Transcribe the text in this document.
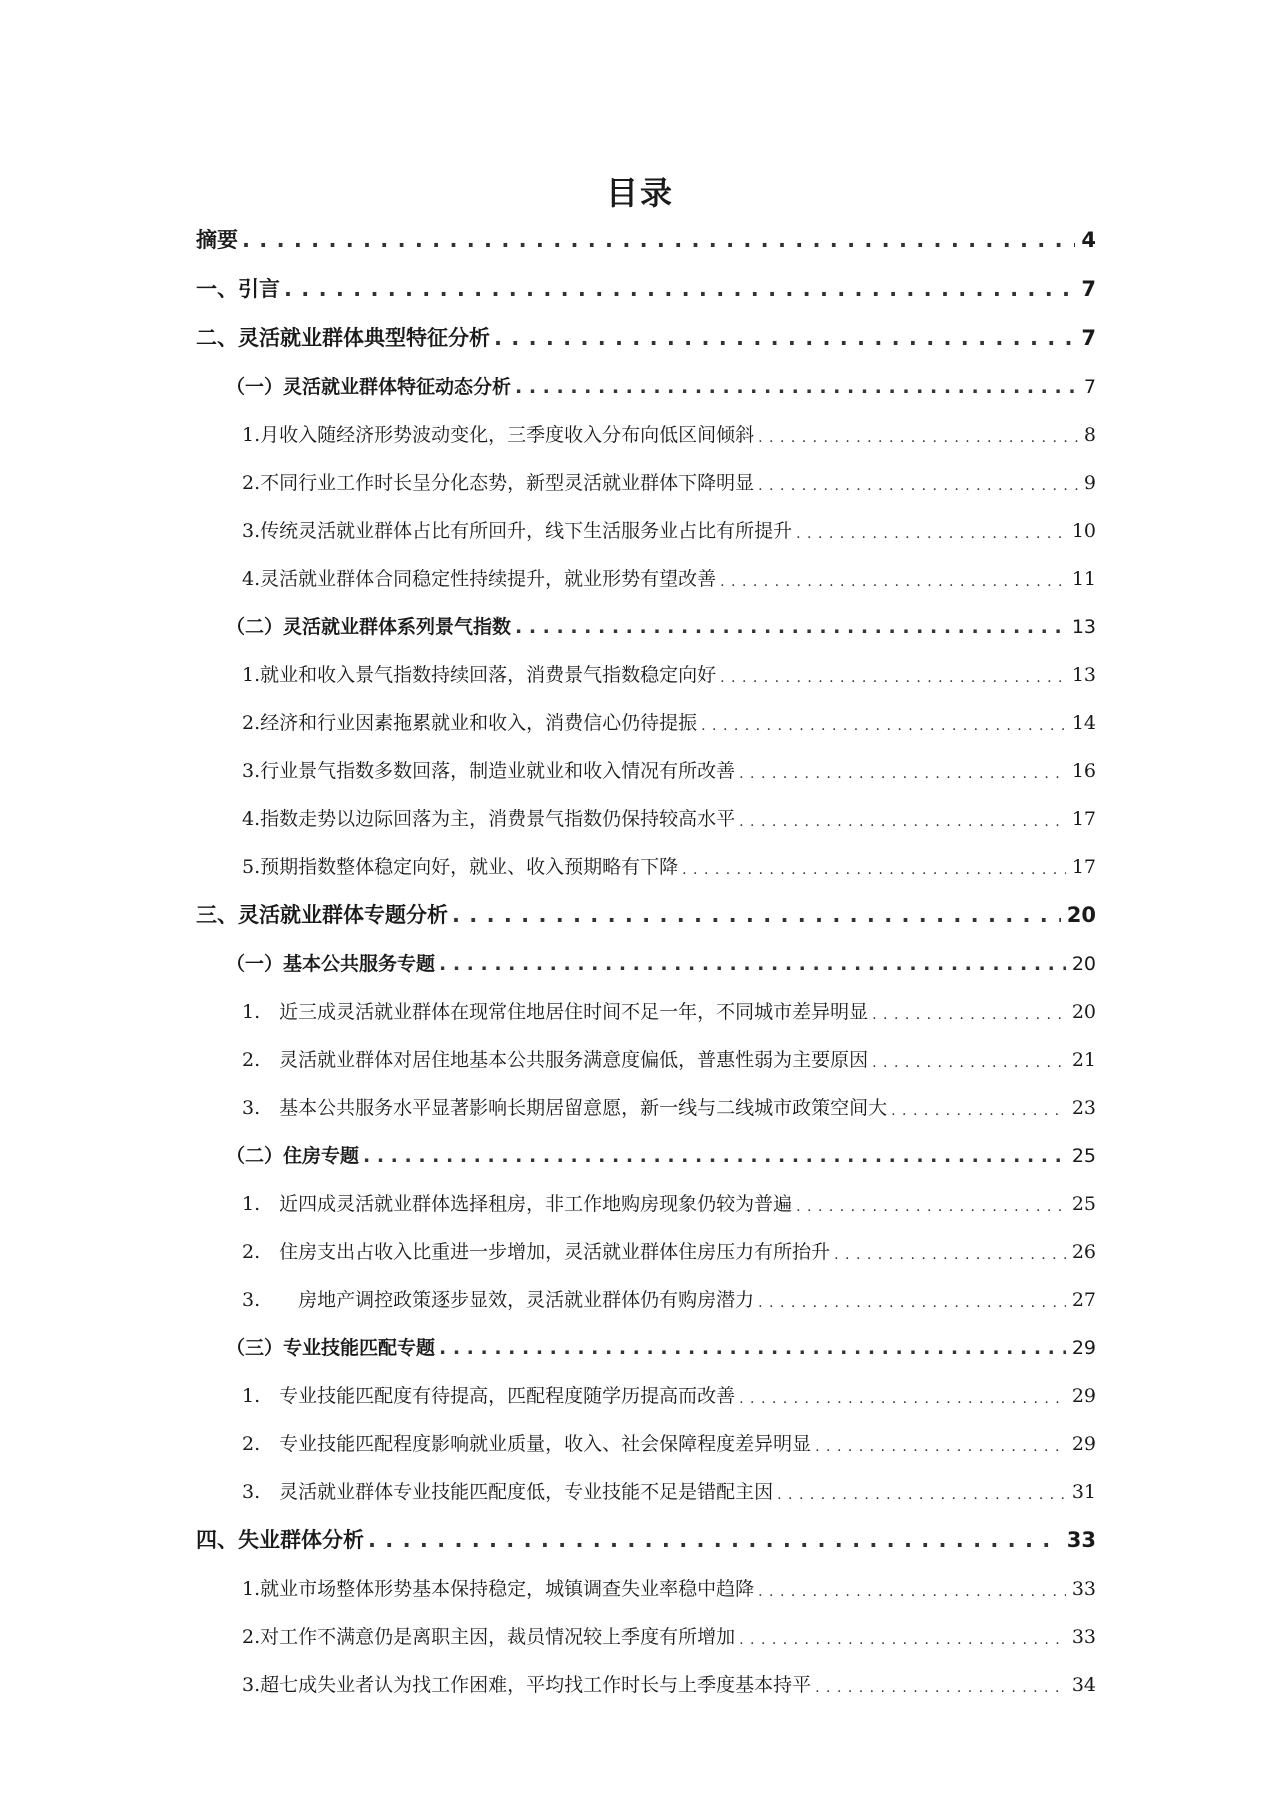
目录
摘要 . . .	4
一、引言 . . .	7
二、灵活就业群体典型特征分析 . . .	7
（一）灵活就业群体特征动态分析 . . .	7
1.月收入随经济形势波动变化，三季度收入分布向低区间倾斜 . . .	8
2.不同行业工作时长呈分化态势，新型灵活就业群体下降明显 . . .	9
3.传统灵活就业群体占比有所回升，线下生活服务业占比有所提升 . . .	10
4.灵活就业群体合同稳定性持续提升，就业形势有望改善 . . .	11
（二）灵活就业群体系列景气指数 . . .	13
1.就业和收入景气指数持续回落，消费景气指数稳定向好 . . .	13
2.经济和行业因素拖累就业和收入，消费信心仍待提振 . . .	14
3.行业景气指数多数回落，制造业就业和收入情况有所改善 . . .	16
4.指数走势以边际回落为主，消费景气指数仍保持较高水平 . . .	17
5.预期指数整体稳定向好，就业、收入预期略有下降 . . .	17
三、灵活就业群体专题分析 . . .	20
（一）基本公共服务专题 . . .	20
1.　近三成灵活就业群体在现常住地居住时间不足一年，不同城市差异明显 . . .	20
2.　灵活就业群体对居住地基本公共服务满意度偏低，普惠性弱为主要原因 . . .	21
3.　基本公共服务水平显著影响长期居留意愿，新一线与二线城市政策空间大 . . .	23
（二）住房专题 . . .	25
1.　近四成灵活就业群体选择租房，非工作地购房现象仍较为普遍 . . .	25
2.　住房支出占收入比重进一步增加，灵活就业群体住房压力有所抬升 . . .	26
3.　　房地产调控政策逐步显效，灵活就业群体仍有购房潜力 . . .	27
（三）专业技能匹配专题 . . .	29
1.　专业技能匹配度有待提高，匹配程度随学历提高而改善 . . .	29
2.　专业技能匹配程度影响就业质量，收入、社会保障程度差异明显 . . .	29
3.　灵活就业群体专业技能匹配度低，专业技能不足是错配主因 . . .	31
四、失业群体分析 . . .	33
1.就业市场整体形势基本保持稳定，城镇调查失业率稳中趋降 . . .	33
2.对工作不满意仍是离职主因，裁员情况较上季度有所增加 . . .	33
3.超七成失业者认为找工作困难，平均找工作时长与上季度基本持平 . . .	34
